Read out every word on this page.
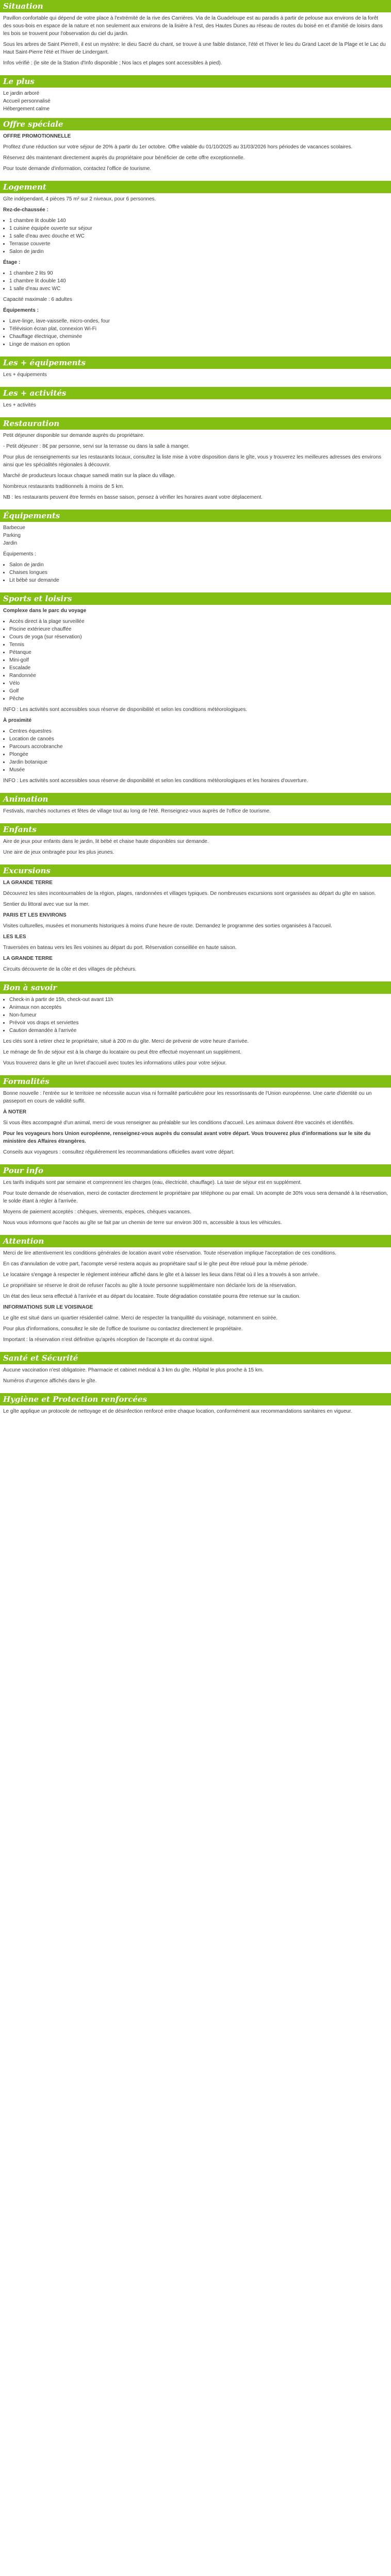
Situation

Pavillon confortable qui dépend de votre place à l'extrémité de la rive des Carrières. Via de la Guadeloupe est au paradis à partir de pelouse aux environs de la forêt des sous-bois en espace de la nature et non seulement aux environs de la lisière à l'est, des Hautes Dunes au réseau de routes du boisé en et d'amitié de loisirs dans les bois se trouvent pour l'observation du ciel du jardin.

Sous les arbres de Saint Pierre®, il est un mystère: le dieu Sacré du chant, se trouve à une faible distance, l'été et l'hiver le lieu du Grand Lacet de la Plage et le Lac du Haut Saint-Pierre l'été et l'hiver de Lindergarrt.

Infos vérifié : (le site de la Station d'Info disponible ; Nos lacs et plages sont accessibles à pied).

Le plus
Le jardin arboré
Accueil personnalisé
Hébergement calme
Offre spéciale

OFFRE PROMOTIONNELLE

Profitez d'une réduction sur votre séjour de 20% à partir du 1er octobre. Offre valable du 01/10/2025 au 31/03/2026 hors périodes de vacances scolaires.

Réservez dès maintenant directement auprès du propriétaire pour bénéficier de cette offre exceptionnelle.

Pour toute demande d'information, contactez l'office de tourisme.

Logement

Gîte indépendant, 4 pièces 75 m² sur 2 niveaux, pour 6 personnes.

Rez-de-chaussée :

• 1 chambre lit double 140
• 1 cuisine équipée ouverte sur séjour
• 1 salle d'eau avec douche et WC
• Terrasse couverte
• Salon de jardin

Étage :

• 1 chambre 2 lits 90
• 1 chambre lit double 140
• 1 salle d'eau avec WC

Capacité maximale : 6 adultes

Équipements :

• Lave-linge, lave-vaisselle, micro-ondes, four
• Télévision écran plat, connexion Wi-Fi
• Chauffage électrique, cheminée
• Linge de maison en option
Les + équipements

Les + équipements

Les + activités

Les + activités

Restauration

Petit déjeuner disponible sur demande auprès du propriétaire.

- Petit déjeuner : 8€ par personne, servi sur la terrasse ou dans la salle à manger.

Pour plus de renseignements sur les restaurants locaux, consultez la liste mise à votre disposition dans le gîte, vous y trouverez les meilleures adresses des environs ainsi que les spécialités régionales à découvrir.

Marché de producteurs locaux chaque samedi matin sur la place du village.

Nombreux restaurants traditionnels à moins de 5 km.

NB : les restaurants peuvent être fermés en basse saison, pensez à vérifier les horaires avant votre déplacement.

Équipements
Barbecue
Parking
Jardin

Équipements :

• Salon de jardin
• Chaises longues
• Lit bébé sur demande
Sports et loisirs

Complexe dans le parc du voyage

• Accès direct à la plage surveillée
• Piscine extérieure chauffée
• Cours de yoga (sur réservation)
• Tennis
• Pétanque
• Mini-golf
• Escalade
• Randonnée
• Vélo
• Golf
• Pêche

INFO : Les activités sont accessibles sous réserve de disponibilité et selon les conditions météorologiques.

À proximité

• Centres équestres
• Location de canoës
• Parcours accrobranche
• Plongée
• Jardin botanique
• Musée

INFO : Les activités sont accessibles sous réserve de disponibilité et selon les conditions météorologiques et les horaires d'ouverture.

Animation

Festivals, marchés nocturnes et fêtes de village tout au long de l'été. Renseignez-vous auprès de l'office de tourisme.

Enfants

Aire de jeux pour enfants dans le jardin, lit bébé et chaise haute disponibles sur demande.

Une aire de jeux ombragée pour les plus jeunes.

Excursions

LA GRANDE TERRE

Découvrez les sites incontournables de la région, plages, randonnées et villages typiques. De nombreuses excursions sont organisées au départ du gîte en saison.

Sentier du littoral avec vue sur la mer.

PARIS ET LES ENVIRONS

Visites culturelles, musées et monuments historiques à moins d'une heure de route. Demandez le programme des sorties organisées à l'accueil.

LES ILES

Traversées en bateau vers les îles voisines au départ du port. Réservation conseillée en haute saison.

LA GRANDE TERRE

Circuits découverte de la côte et des villages de pêcheurs.

Bon à savoir
• Check-in à partir de 15h, check-out avant 11h
• Animaux non acceptés
• Non-fumeur
• Prévoir vos draps et serviettes
• Caution demandée à l'arrivée

Les clés sont à retirer chez le propriétaire, situé à 200 m du gîte. Merci de prévenir de votre heure d'arrivée.

Le ménage de fin de séjour est à la charge du locataire ou peut être effectué moyennant un supplément.

Vous trouverez dans le gîte un livret d'accueil avec toutes les informations utiles pour votre séjour.

Formalités

Bonne nouvelle : l'entrée sur le territoire ne nécessite aucun visa ni formalité particulière pour les ressortissants de l'Union européenne. Une carte d'identité ou un passeport en cours de validité suffit.

À NOTER

Si vous êtes accompagné d'un animal, merci de vous renseigner au préalable sur les conditions d'accueil. Les animaux doivent être vaccinés et identifiés.

Pour les voyageurs hors Union européenne, renseignez-vous auprès du consulat avant votre départ. Vous trouverez plus d'informations sur le site du ministère des Affaires étrangères.

Conseils aux voyageurs : consultez régulièrement les recommandations officielles avant votre départ.

Pour info

Les tarifs indiqués sont par semaine et comprennent les charges (eau, électricité, chauffage). La taxe de séjour est en supplément.

Pour toute demande de réservation, merci de contacter directement le propriétaire par téléphone ou par email. Un acompte de 30% vous sera demandé à la réservation, le solde étant à régler à l'arrivée.

Moyens de paiement acceptés : chèques, virements, espèces, chèques vacances.

Nous vous informons que l'accès au gîte se fait par un chemin de terre sur environ 300 m, accessible à tous les véhicules.

Attention

Merci de lire attentivement les conditions générales de location avant votre réservation. Toute réservation implique l'acceptation de ces conditions.

En cas d'annulation de votre part, l'acompte versé restera acquis au propriétaire sauf si le gîte peut être reloué pour la même période.

Le locataire s'engage à respecter le règlement intérieur affiché dans le gîte et à laisser les lieux dans l'état où il les a trouvés à son arrivée.

Le propriétaire se réserve le droit de refuser l'accès au gîte à toute personne supplémentaire non déclarée lors de la réservation.

Un état des lieux sera effectué à l'arrivée et au départ du locataire. Toute dégradation constatée pourra être retenue sur la caution.

INFORMATIONS SUR LE VOISINAGE

Le gîte est situé dans un quartier résidentiel calme. Merci de respecter la tranquillité du voisinage, notamment en soirée.

Pour plus d'informations, consultez le site de l'office de tourisme ou contactez directement le propriétaire.

Important : la réservation n'est définitive qu'après réception de l'acompte et du contrat signé.

Santé et Sécurité

Aucune vaccination n'est obligatoire. Pharmacie et cabinet médical à 3 km du gîte. Hôpital le plus proche à 15 km.

Numéros d'urgence affichés dans le gîte.

Hygiène et Protection renforcées

Le gîte applique un protocole de nettoyage et de désinfection renforcé entre chaque location, conformément aux recommandations sanitaires en vigueur.
